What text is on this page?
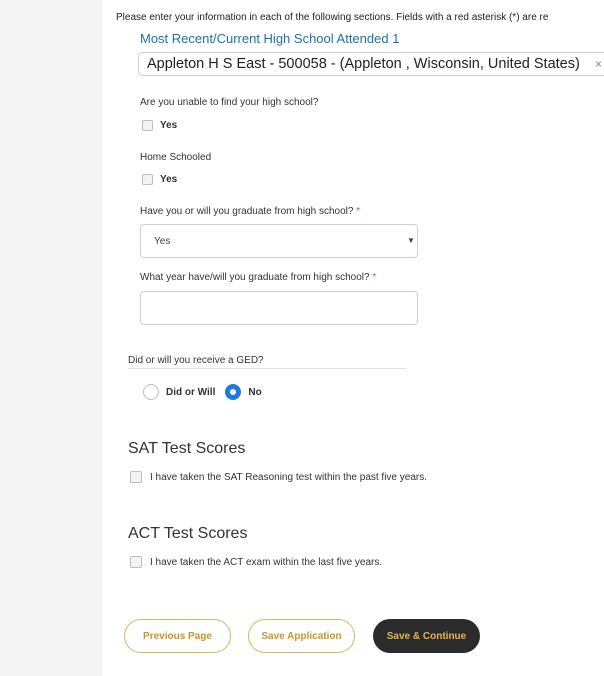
Please enter your information in each of the following sections. Fields with a red asterisk (*) are re
Most Recent/Current High School Attended 1
Appleton H S East - 500058 - (Appleton , Wisconsin, United States) ×
Are you unable to find your high school?
Yes
Home Schooled
Yes
Have you or will you graduate from high school? *
Yes	▼
What year have/will you graduate from high school? *
Did or will you receive a GED?
Did or Will	No
SAT Test Scores
I have taken the SAT Reasoning test within the past five years.
ACT Test Scores
I have taken the ACT exam within the last five years.
Previous Page	Save Application	Save & Continue
